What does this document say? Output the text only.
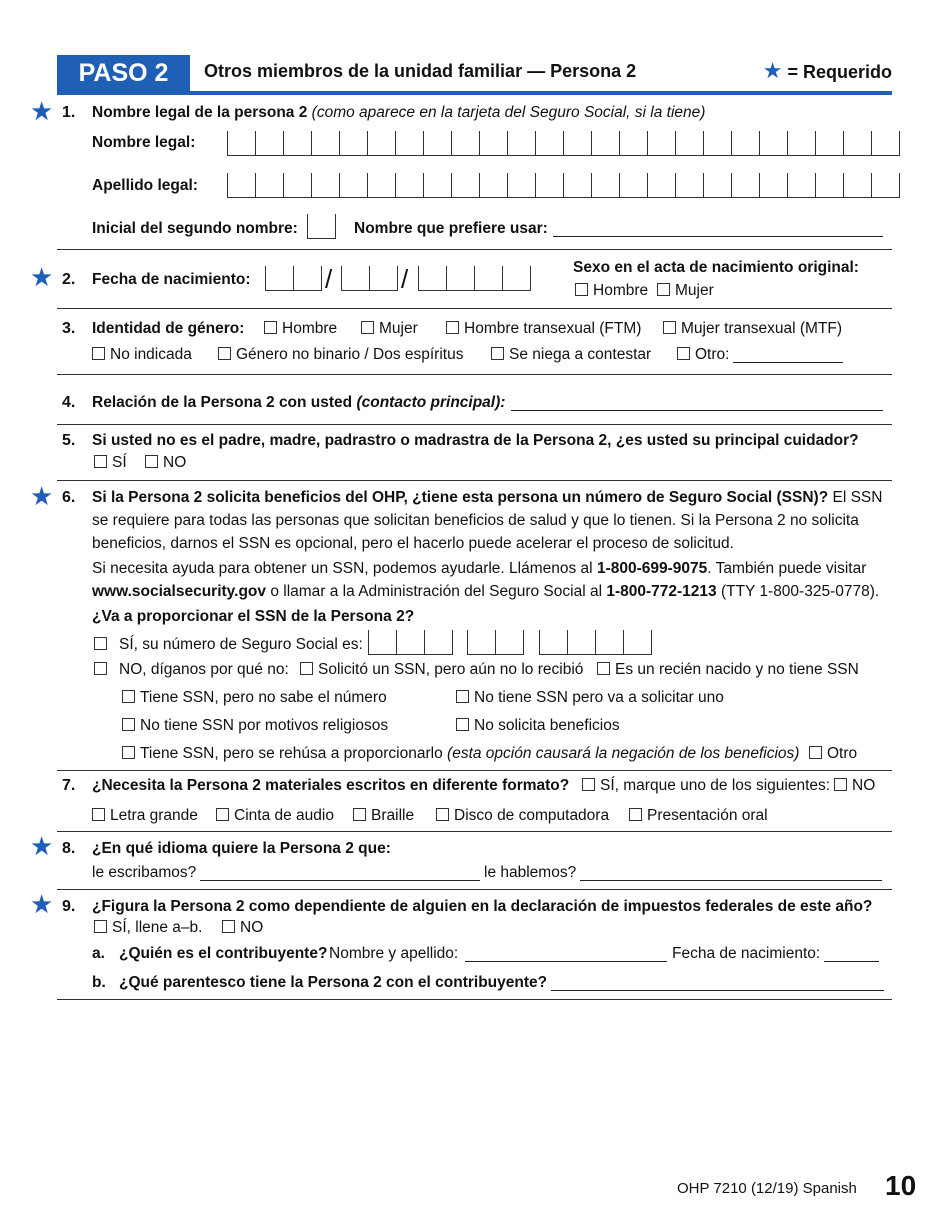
PASO 2 Otros miembros de la unidad familiar — Persona 2	★ = Requerido
★ 1. Nombre legal de la persona 2 (como aparece en la tarjeta del Seguro Social, si la tiene)
Nombre legal:
Apellido legal:
Inicial del segundo nombre:	Nombre que prefiere usar:
★ 2. Fecha de nacimiento:	/	/	Sexo en el acta de nacimiento original:
Hombre	Mujer
3. Identidad de género:	Hombre	Mujer	Hombre transexual (FTM)	Mujer transexual (MTF)
No indicada	Género no binario / Dos espíritus	Se niega a contestar	Otro:
4. Relación de la Persona 2 con usted (contacto principal):
5. Si usted no es el padre, madre, padrastro o madrastra de la Persona 2, ¿es usted su principal cuidador?
SÍ	NO
★ 6. Si la Persona 2 solicita beneficios del OHP, ¿tiene esta persona un número de Seguro Social (SSN)? El SSN se requiere para todas las personas que solicitan beneficios de salud y que lo tienen. Si la Persona 2 no solicita beneficios, darnos el SSN es opcional, pero el hacerlo puede acelerar el proceso de solicitud.
Si necesita ayuda para obtener un SSN, podemos ayudarle. Llámenos al 1-800-699-9075. También puede visitar www.socialsecurity.gov o llamar a la Administración del Seguro Social al 1-800-772-1213 (TTY 1-800-325-0778).
¿Va a proporcionar el SSN de la Persona 2?
SÍ, su número de Seguro Social es:
NO, díganos por qué no:	Solicitó un SSN, pero aún no lo recibió	Es un recién nacido y no tiene SSN
Tiene SSN, pero no sabe el número	No tiene SSN pero va a solicitar uno
No tiene SSN por motivos religiosos	No solicita beneficios
Tiene SSN, pero se rehúsa a proporcionarlo (esta opción causará la negación de los beneficios)	Otro
7. ¿Necesita la Persona 2 materiales escritos en diferente formato?	SÍ, marque uno de los siguientes:	NO
Letra grande	Cinta de audio	Braille	Disco de computadora	Presentación oral
★ 8. ¿En qué idioma quiere la Persona 2 que:
le escribamos?	le hablemos?
★ 9. ¿Figura la Persona 2 como dependiente de alguien en la declaración de impuestos federales de este año?
SÍ, llene a–b.	NO
a. ¿Quién es el contribuyente? Nombre y apellido:	Fecha de nacimiento:
b. ¿Qué parentesco tiene la Persona 2 con el contribuyente?
OHP 7210 (12/19) Spanish 10
